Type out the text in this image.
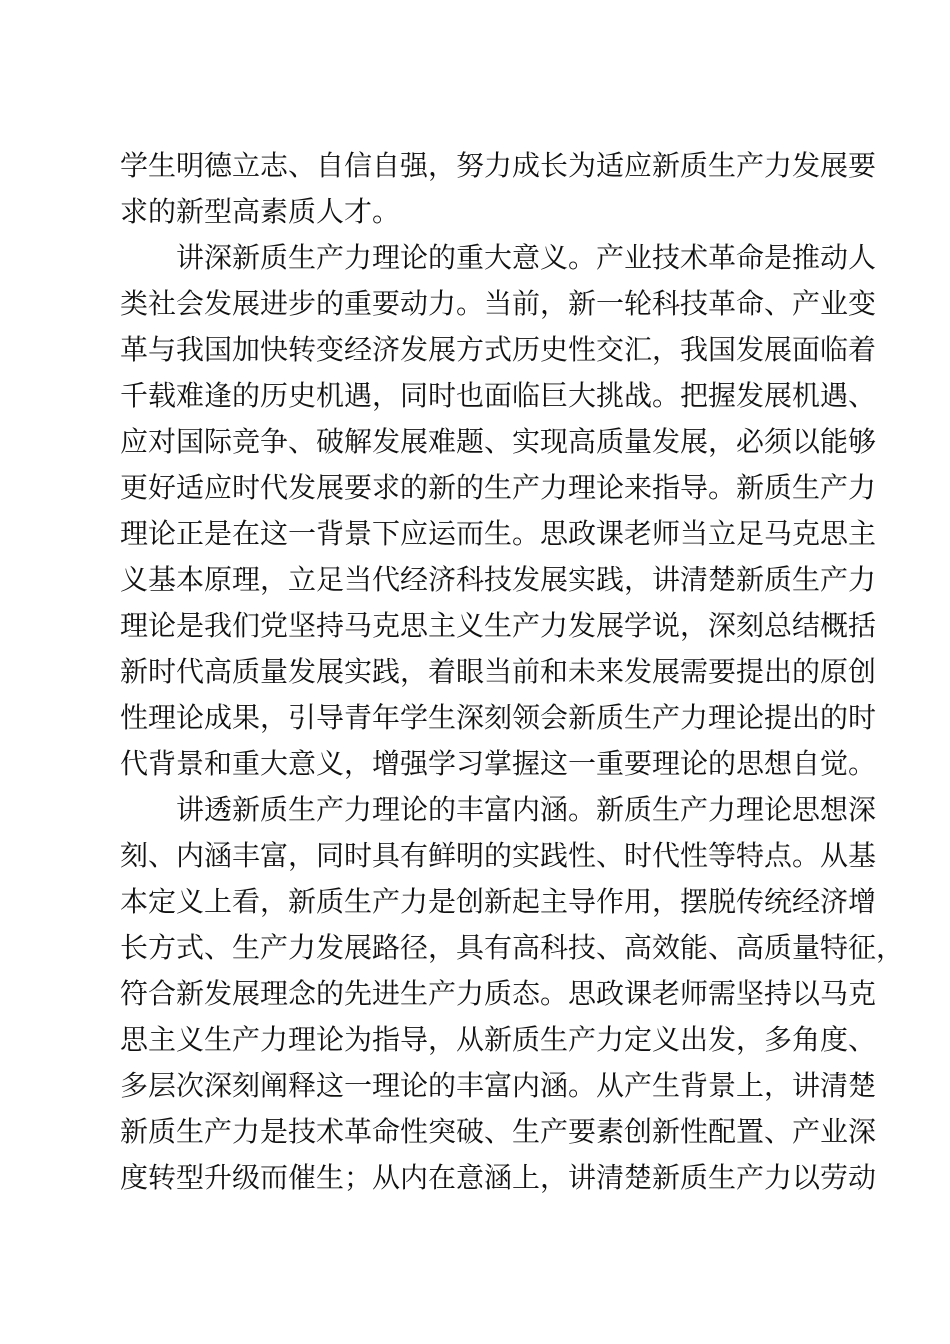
学生明德立志、自信自强，努力成长为适应新质生产力发展要
求的新型高素质人才。
讲深新质生产力理论的重大意义。产业技术革命是推动人
类社会发展进步的重要动力。当前，新一轮科技革命、产业变
革与我国加快转变经济发展方式历史性交汇，我国发展面临着
千载难逢的历史机遇，同时也面临巨大挑战。把握发展机遇、
应对国际竞争、破解发展难题、实现高质量发展，必须以能够
更好适应时代发展要求的新的生产力理论来指导。新质生产力
理论正是在这一背景下应运而生。思政课老师当立足马克思主
义基本原理，立足当代经济科技发展实践，讲清楚新质生产力
理论是我们党坚持马克思主义生产力发展学说，深刻总结概括
新时代高质量发展实践，着眼当前和未来发展需要提出的原创
性理论成果，引导青年学生深刻领会新质生产力理论提出的时
代背景和重大意义，增强学习掌握这一重要理论的思想自觉。
讲透新质生产力理论的丰富内涵。新质生产力理论思想深
刻、内涵丰富，同时具有鲜明的实践性、时代性等特点。从基
本定义上看，新质生产力是创新起主导作用，摆脱传统经济增
长方式、生产力发展路径，具有高科技、高效能、高质量特征，
符合新发展理念的先进生产力质态。思政课老师需坚持以马克
思主义生产力理论为指导，从新质生产力定义出发，多角度、
多层次深刻阐释这一理论的丰富内涵。从产生背景上，讲清楚
新质生产力是技术革命性突破、生产要素创新性配置、产业深
度转型升级而催生；从内在意涵上，讲清楚新质生产力以劳动
